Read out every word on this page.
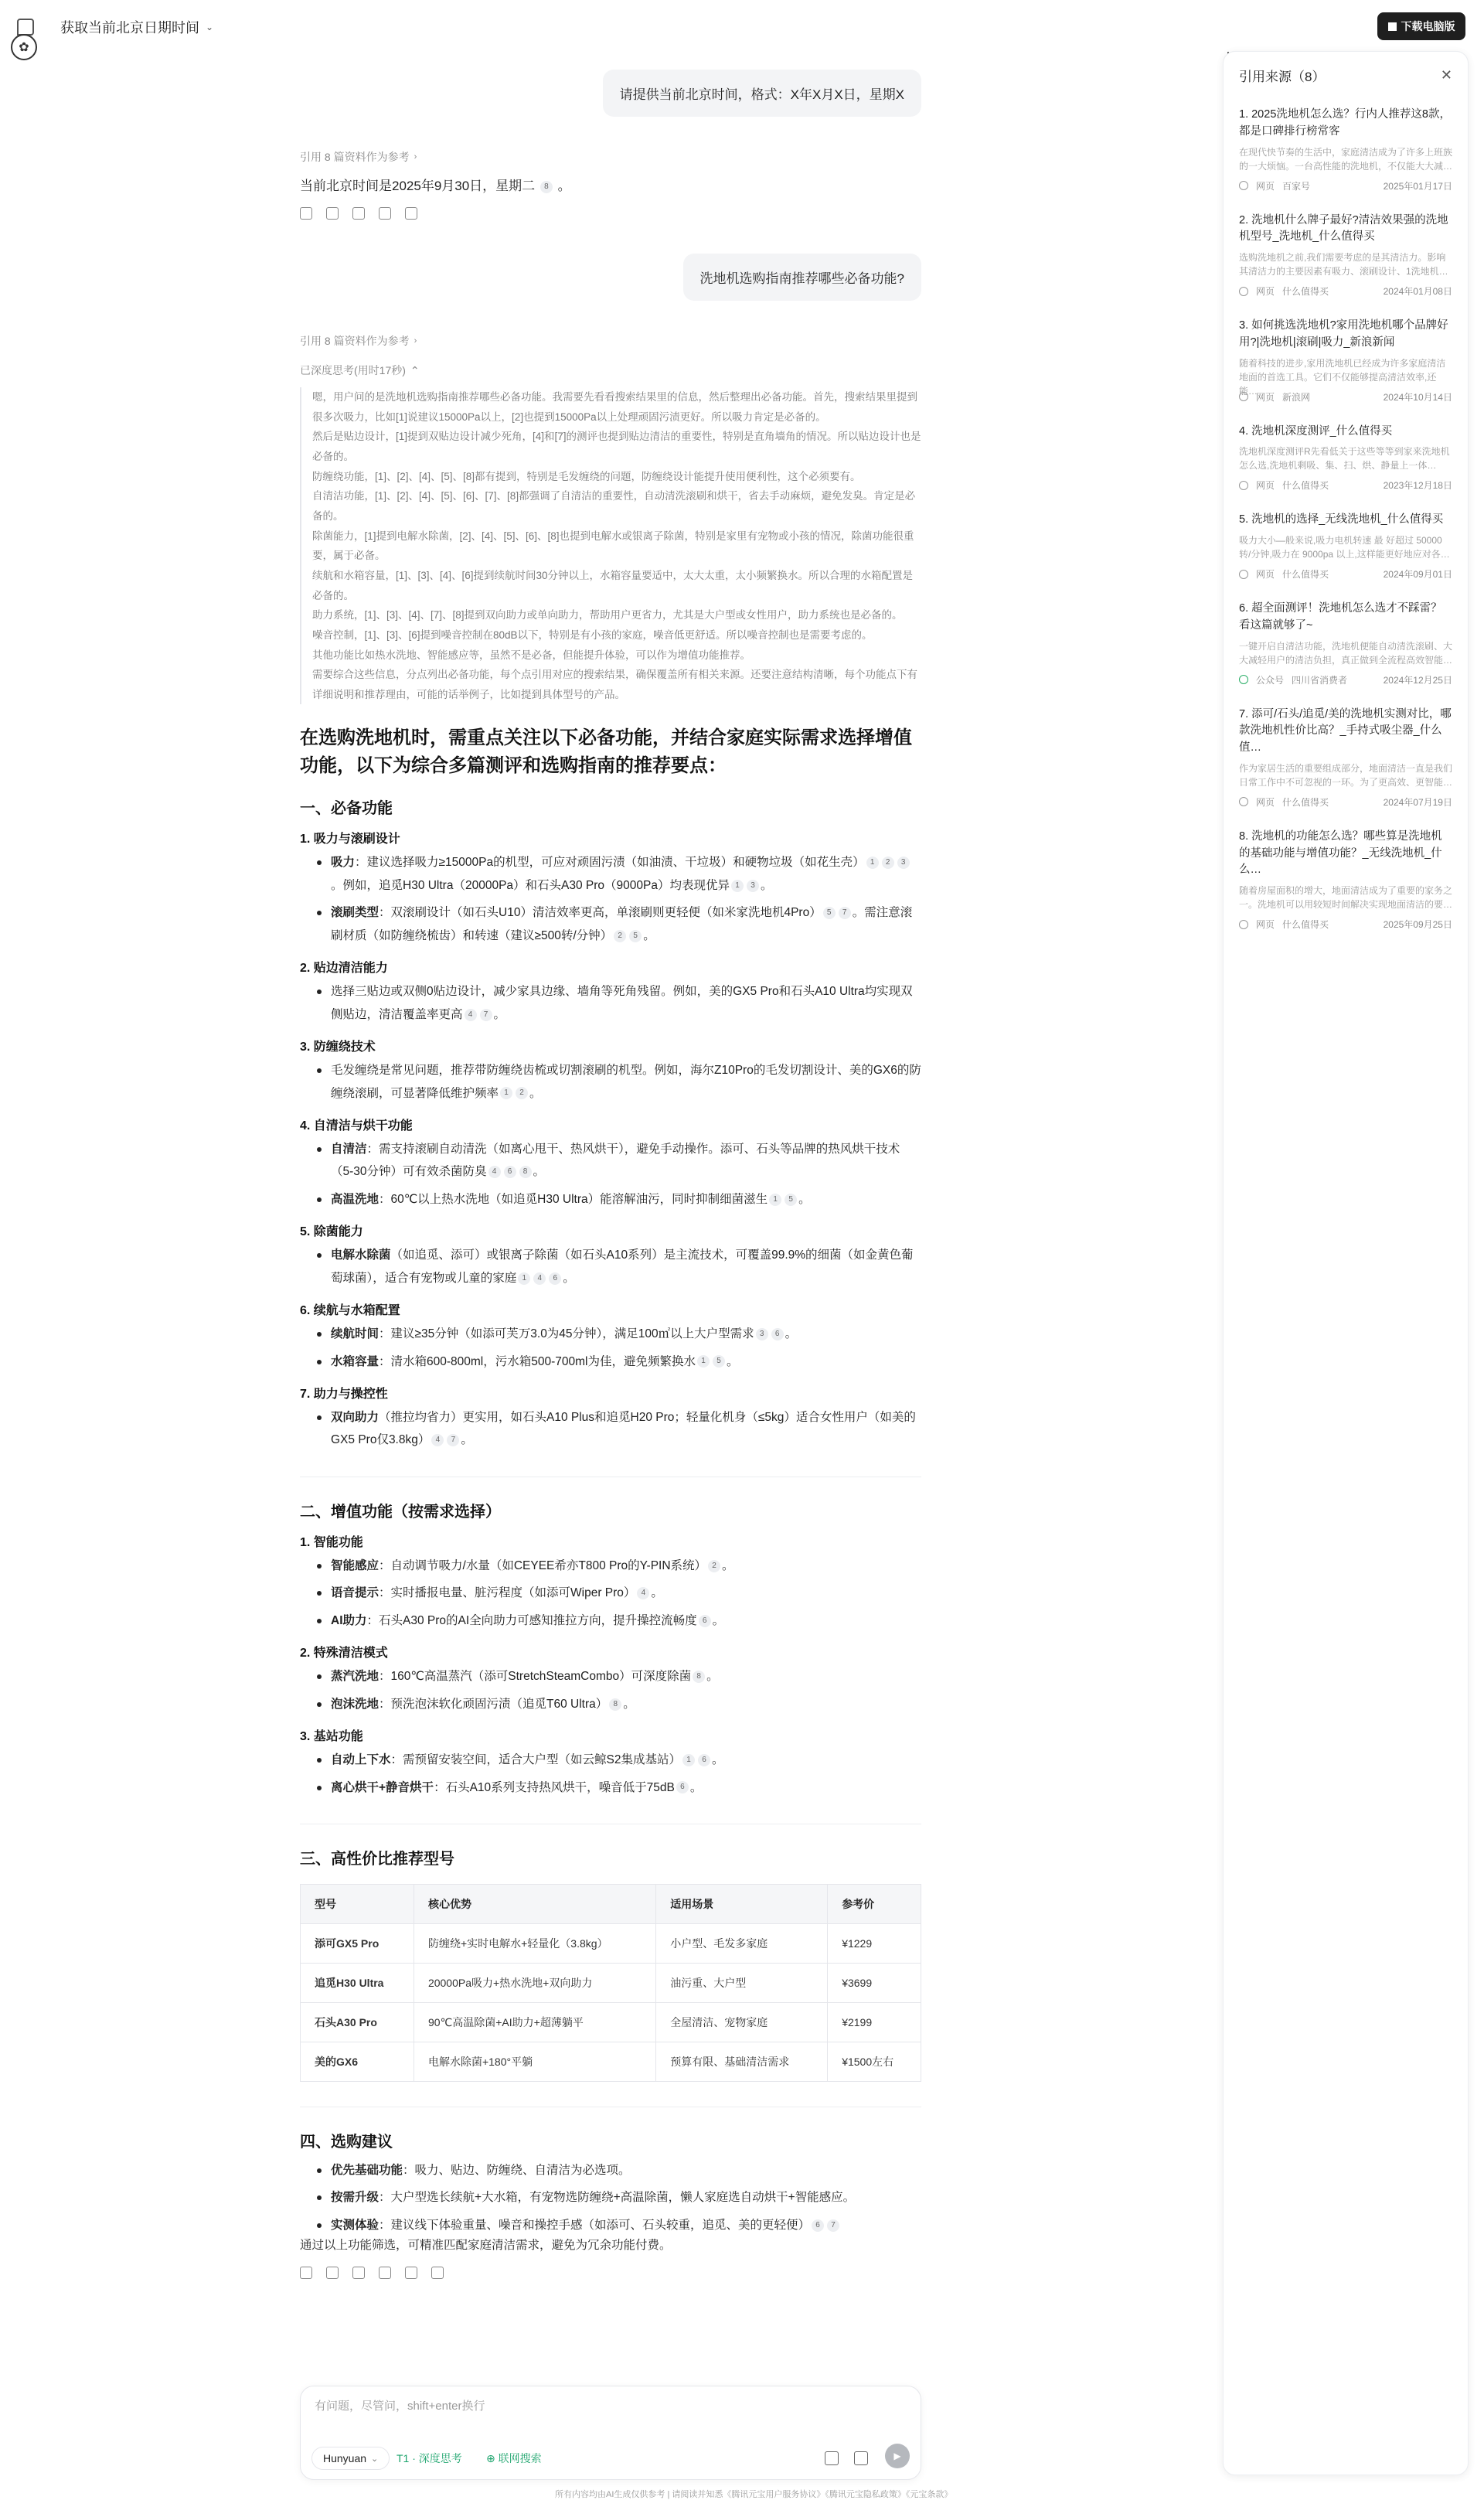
获取当前北京日期时间 ⌄
✿
下载电脑版
请提供当前北京时间，格式：X年X月X日，星期X
引用 8 篇资料作为参考 ›
当前北京时间是2025年9月30日，星期二 8 。
洗地机选购指南推荐哪些必备功能?
引用 8 篇资料作为参考 ›
已深度思考(用时17秒) ⌃

嗯，用户问的是洗地机选购指南推荐哪些必备功能。我需要先看看搜索结果里的信息，然后整理出必备功能。首先，搜索结果里提到很多次吸力，比如[1]说建议15000Pa以上，[2]也提到15000Pa以上处理顽固污渍更好。所以吸力肯定是必备的。

然后是贴边设计，[1]提到双贴边设计减少死角，[4]和[7]的测评也提到贴边清洁的重要性，特别是直角墙角的情况。所以贴边设计也是必备的。

防缠绕功能，[1]、[2]、[4]、[5]、[8]都有提到，特别是毛发缠绕的问题，防缠绕设计能提升使用便利性，这个必须要有。

自清洁功能，[1]、[2]、[4]、[5]、[6]、[7]、[8]都强调了自清洁的重要性，自动清洗滚刷和烘干，省去手动麻烦，避免发臭。肯定是必备的。

除菌能力，[1]提到电解水除菌，[2]、[4]、[5]、[6]、[8]也提到电解水或银离子除菌，特别是家里有宠物或小孩的情况，除菌功能很重要，属于必备。

续航和水箱容量，[1]、[3]、[4]、[6]提到续航时间30分钟以上，水箱容量要适中，太大太重，太小频繁换水。所以合理的水箱配置是必备的。

助力系统，[1]、[3]、[4]、[7]、[8]提到双向助力或单向助力，帮助用户更省力，尤其是大户型或女性用户，助力系统也是必备的。

噪音控制，[1]、[3]、[6]提到噪音控制在80dB以下，特别是有小孩的家庭，噪音低更舒适。所以噪音控制也是需要考虑的。

其他功能比如热水洗地、智能感应等，虽然不是必备，但能提升体验，可以作为增值功能推荐。

需要综合这些信息，分点列出必备功能，每个点引用对应的搜索结果，确保覆盖所有相关来源。还要注意结构清晰，每个功能点下有详细说明和推荐理由，可能的话举例子，比如提到具体型号的产品。

在选购洗地机时，需重点关注以下必备功能，并结合家庭实际需求选择增值功能，以下为综合多篇测评和选购指南的推荐要点：
一、必备功能
1. 吸力与滚刷设计
吸力：建议选择吸力≥15000Pa的机型，可应对顽固污渍（如油渍、干垃圾）和硬物垃圾（如花生壳） 1 2 3。例如，追觅H30 Ultra（20000Pa）和石头A30 Pro（9000Pa）均表现优异 1 3 。
滚刷类型：双滚刷设计（如石头U10）清洁效率更高，单滚刷则更轻便（如米家洗地机4Pro） 5 7 。需注意滚刷材质（如防缠绕梳齿）和转速（建议≥500转/分钟） 2 5 。
2. 贴边清洁能力
选择三贴边或双侧0贴边设计，减少家具边缘、墙角等死角残留。例如，美的GX5 Pro和石头A10 Ultra均实现双侧贴边，清洁覆盖率更高 4 7 。
3. 防缠绕技术
毛发缠绕是常见问题，推荐带防缠绕齿梳或切割滚刷的机型。例如，海尔Z10Pro的毛发切割设计、美的GX6的防缠绕滚刷，可显著降低维护频率 1 2 。
4. 自清洁与烘干功能
自清洁：需支持滚刷自动清洗（如离心甩干、热风烘干），避免手动操作。添可、石头等品牌的热风烘干技术（5-30分钟）可有效杀菌防臭 4 6 8 。
高温洗地：60℃以上热水洗地（如追觅H30 Ultra）能溶解油污，同时抑制细菌滋生 1 5 。
5. 除菌能力
电解水除菌（如追觅、添可）或银离子除菌（如石头A10系列）是主流技术，可覆盖99.9%的细菌（如金黄色葡萄球菌），适合有宠物或儿童的家庭 1 4 6 。
6. 续航与水箱配置
续航时间：建议≥35分钟（如添可芙万3.0为45分钟），满足100㎡以上大户型需求 3 6 。
水箱容量：清水箱600-800ml，污水箱500-700ml为佳，避免频繁换水 1 5 。
7. 助力与操控性
双向助力（推拉均省力）更实用，如石头A10 Plus和追觅H20 Pro；轻量化机身（≤5kg）适合女性用户（如美的GX5 Pro仅3.8kg） 4 7 。
二、增值功能（按需求选择）
1. 智能功能
智能感应：自动调节吸力/水量（如CEYEE希亦T800 Pro的Y-PIN系统） 2 。
语音提示：实时播报电量、脏污程度（如添可Wiper Pro） 4 。
AI助力：石头A30 Pro的AI全向助力可感知推拉方向，提升操控流畅度 6 。
2. 特殊清洁模式
蒸汽洗地：160℃高温蒸汽（添可StretchSteamCombo）可深度除菌 8 。
泡沫洗地：预洗泡沫软化顽固污渍（追觅T60 Ultra） 8 。
3. 基站功能
自动上下水：需预留安装空间，适合大户型（如云鲸S2集成基站） 1 6 。
离心烘干+静音烘干：石头A10系列支持热风烘干，噪音低于75dB 6 。
三、高性价比推荐型号
型号	核心优势	适用场景	参考价
添可GX5 Pro	防缠绕+实时电解水+轻量化（3.8kg）	小户型、毛发多家庭	¥1229
追觅H30 Ultra	20000Pa吸力+热水洗地+双向助力	油污重、大户型	¥3699
石头A30 Pro	90℃高温除菌+AI助力+超薄躺平	全屋清洁、宠物家庭	¥2199
美的GX6	电解水除菌+180°平躺	预算有限、基础清洁需求	¥1500左右
四、选购建议
优先基础功能：吸力、贴边、防缠绕、自清洁为必选项。
按需升级：大户型选长续航+大水箱，有宠物选防缠绕+高温除菌，懒人家庭选自动烘干+智能感应。
实测体验：建议线下体验重量、噪音和操控手感（如添可、石头较重，追觅、美的更轻便） 6 7
通过以上功能筛选，可精准匹配家庭清洁需求，避免为冗余功能付费。
有问题，尽管问，shift+enter换行
Hunyuan ⌄ T1 · 深度思考 ⊕ 联网搜索	▶
所有内容均由AI生成仅供参考 | 请阅读并知悉《腾讯元宝用户服务协议》《腾讯元宝隐私政策》《元宝条款》
引用来源（8）	✕
1. 2025洗地机怎么选？行内人推荐这8款，都是口碑排行榜常客
在现代快节奏的生活中，家庭清洁成为了许多上班族的一大烦恼。一台高性能的洗地机，不仅能大大减…
网页 百家号	2025年01月17日
2. 洗地机什么牌子最好?清洁效果强的洗地机型号_洗地机_什么值得买
选购洗地机之前,我们需要考虑的是其清洁力。影响其清洁力的主要因素有吸力、滚刷设计、1洗地机…
网页 什么值得买	2024年01月08日
3. 如何挑选洗地机?家用洗地机哪个品牌好用?|洗地机|滚刷|吸力_新浪新闻
随着科技的进步,家用洗地机已经成为许多家庭清洁地面的首选工具。它们不仅能够提高清洁效率,还能…
网页 新浪网	2024年10月14日
4. 洗地机深度测评_什么值得买
洗地机深度测评R先看低关于这些等等到家来洗地机怎么选,洗地机剩吸、集、扫、烘、静量上一体…
网页 什么值得买	2023年12月18日
5. 洗地机的选择_无线洗地机_什么值得买
吸力大小—般来说,吸力电机转速 最 好超过 50000转/分钟,吸力在 9000pa 以上,这样能更好地应对各…
网页 什么值得买	2024年09月01日
6. 超全面测评！洗地机怎么选才不踩雷？看这篇就够了~
一键开启自清洁功能，洗地机便能自动清洗滚刷、大大减轻用户的清洁负担，真正做到全流程高效智能…
公众号 四川省消费者	2024年12月25日
7. 添可/石头/追觅/美的洗地机实测对比，哪款洗地机性价比高？_手持式吸尘器_什么值…
作为家居生活的重要组成部分，地面清洁一直是我们日常工作中不可忽视的一环。为了更高效、更智能…
网页 什么值得买	2024年07月19日
8. 洗地机的功能怎么选？哪些算是洗地机的基础功能与增值功能？_无线洗地机_什么…
随着房屋面积的增大，地面清洁成为了重要的家务之一。洗地机可以用较短时间解决实现地面清洁的要…
网页 什么值得买	2025年09月25日
